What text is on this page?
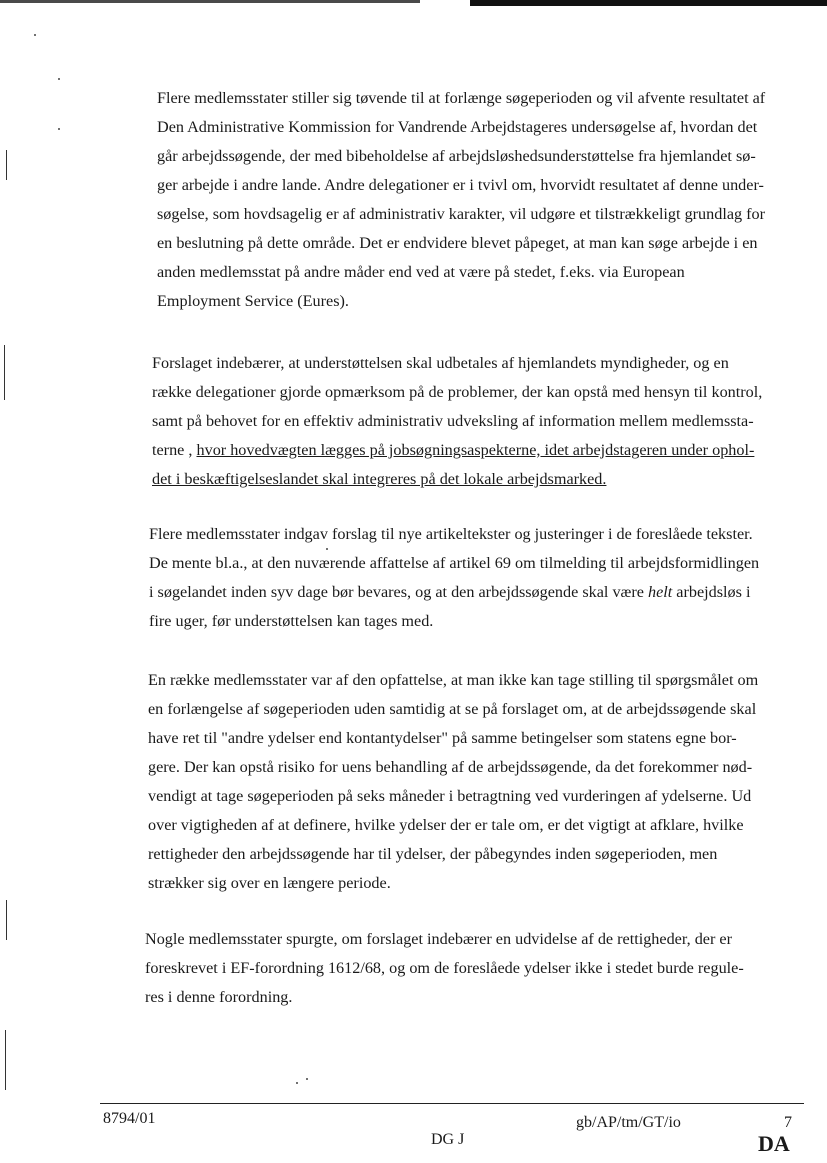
Flere medlemsstater stiller sig tøvende til at forlænge søgeperioden og vil afvente resultatet af
Den Administrative Kommission for Vandrende Arbejdstageres undersøgelse af, hvordan det
går arbejdssøgende, der med bibeholdelse af arbejdsløshedsunderstøttelse fra hjemlandet sø-
ger arbejde i andre lande. Andre delegationer er i tvivl om, hvorvidt resultatet af denne under-
søgelse, som hovdsagelig er af administrativ karakter, vil udgøre et tilstrækkeligt grundlag for
en beslutning på dette område. Det er endvidere blevet påpeget, at man kan søge arbejde i en
anden medlemsstat på andre måder end ved at være på stedet, f.eks. via European
Employment Service (Eures).
Forslaget indebærer, at understøttelsen skal udbetales af hjemlandets myndigheder, og en
række delegationer gjorde opmærksom på de problemer, der kan opstå med hensyn til kontrol,
samt på behovet for en effektiv administrativ udveksling af information mellem medlemssta-
terne , hvor hovedvægten lægges på jobsøgningsaspekterne, idet arbejdstageren under ophol-
det i beskæftigelseslandet skal integreres på det lokale arbejdsmarked.
Flere medlemsstater indgav forslag til nye artikeltekster og justeringer i de foreslåede tekster.
De mente bl.a., at den nuværende affattelse af artikel 69 om tilmelding til arbejdsformidlingen
i søgelandet inden syv dage bør bevares, og at den arbejdssøgende skal være helt arbejdsløs i
fire uger, før understøttelsen kan tages med.
En række medlemsstater var af den opfattelse, at man ikke kan tage stilling til spørgsmålet om
en forlængelse af søgeperioden uden samtidig at se på forslaget om, at de arbejdssøgende skal
have ret til "andre ydelser end kontantydelser" på samme betingelser som statens egne bor-
gere. Der kan opstå risiko for uens behandling af de arbejdssøgende, da det forekommer nød-
vendigt at tage søgeperioden på seks måneder i betragtning ved vurderingen af ydelserne. Ud
over vigtigheden af at definere, hvilke ydelser der er tale om, er det vigtigt at afklare, hvilke
rettigheder den arbejdssøgende har til ydelser, der påbegyndes inden søgeperioden, men
strækker sig over en længere periode.
Nogle medlemsstater spurgte, om forslaget indebærer en udvidelse af de rettigheder, der er
foreskrevet i EF-forordning 1612/68, og om de foreslåede ydelser ikke i stedet burde regule-
res i denne forordning.
8794/01
DG J
gb/AP/tm/GT/io	7
DA
